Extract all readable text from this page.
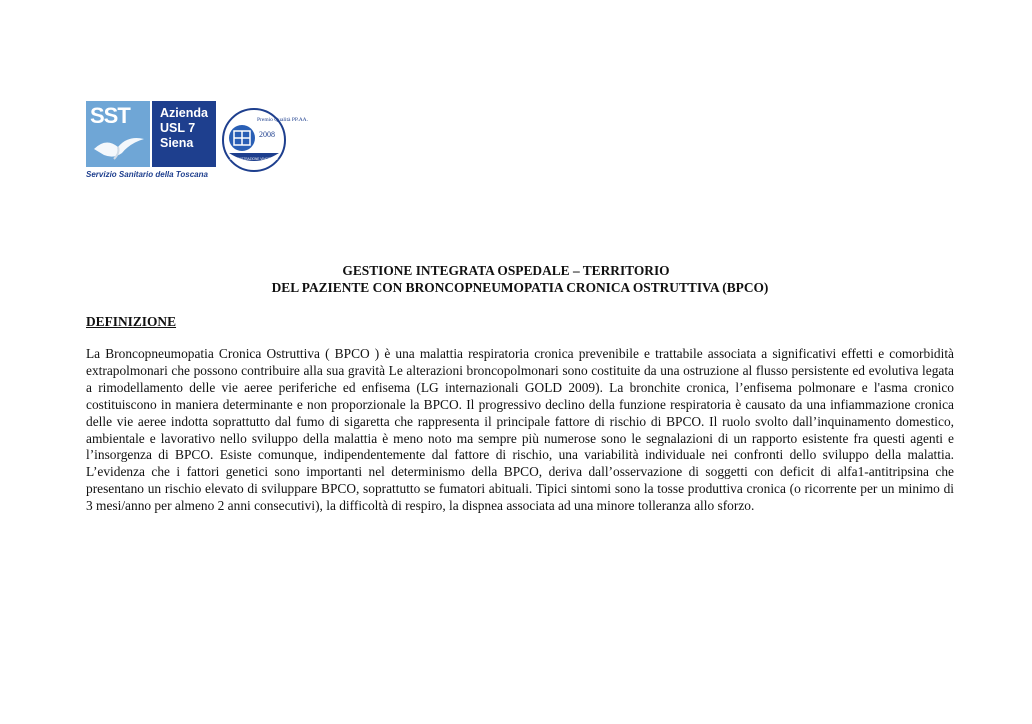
SST Azienda
USL 7
Siena
Servizio Sanitario della Toscana
Premio Qualità PP.AA.
2008
AMMINISTRAZIONE VINCITRICE
GESTIONE INTEGRATA OSPEDALE – TERRITORIO
DEL PAZIENTE CON BRONCOPNEUMOPATIA CRONICA OSTRUTTIVA (BPCO)
DEFINIZIONE
La Broncopneumopatia Cronica Ostruttiva ( BPCO ) è una malattia respiratoria cronica prevenibile e trattabile associata a significativi effetti e comorbidità extrapolmonari che possono contribuire alla sua gravità Le alterazioni broncopolmonari sono costituite da una ostruzione al flusso persistente ed evolutiva legata a rimodellamento delle vie aeree periferiche ed enfisema (LG internazionali GOLD 2009). La bronchite cronica, l’enfisema polmonare e l'asma cronico costituiscono in maniera determinante e non proporzionale la BPCO. Il progressivo declino della funzione respiratoria è causato da una infiammazione cronica delle vie aeree indotta soprattutto dal fumo di sigaretta che rappresenta il principale fattore di rischio di BPCO. Il ruolo svolto dall’inquinamento domestico, ambientale e lavorativo nello sviluppo della malattia è meno noto ma sempre più numerose sono le segnalazioni di un rapporto esistente fra questi agenti e l’insorgenza di BPCO. Esiste comunque, indipendentemente dal fattore di rischio, una variabilità individuale nei confronti dello sviluppo della malattia. L’evidenza che i fattori genetici sono importanti nel determinismo della BPCO, deriva dall’osservazione di soggetti con deficit di alfa1-antitripsina che presentano un rischio elevato di sviluppare BPCO, soprattutto se fumatori abituali. Tipici sintomi sono la tosse produttiva cronica (o ricorrente per un minimo di 3 mesi/anno per almeno 2 anni consecutivi), la difficoltà di respiro, la dispnea associata ad una minore tolleranza allo sforzo.
